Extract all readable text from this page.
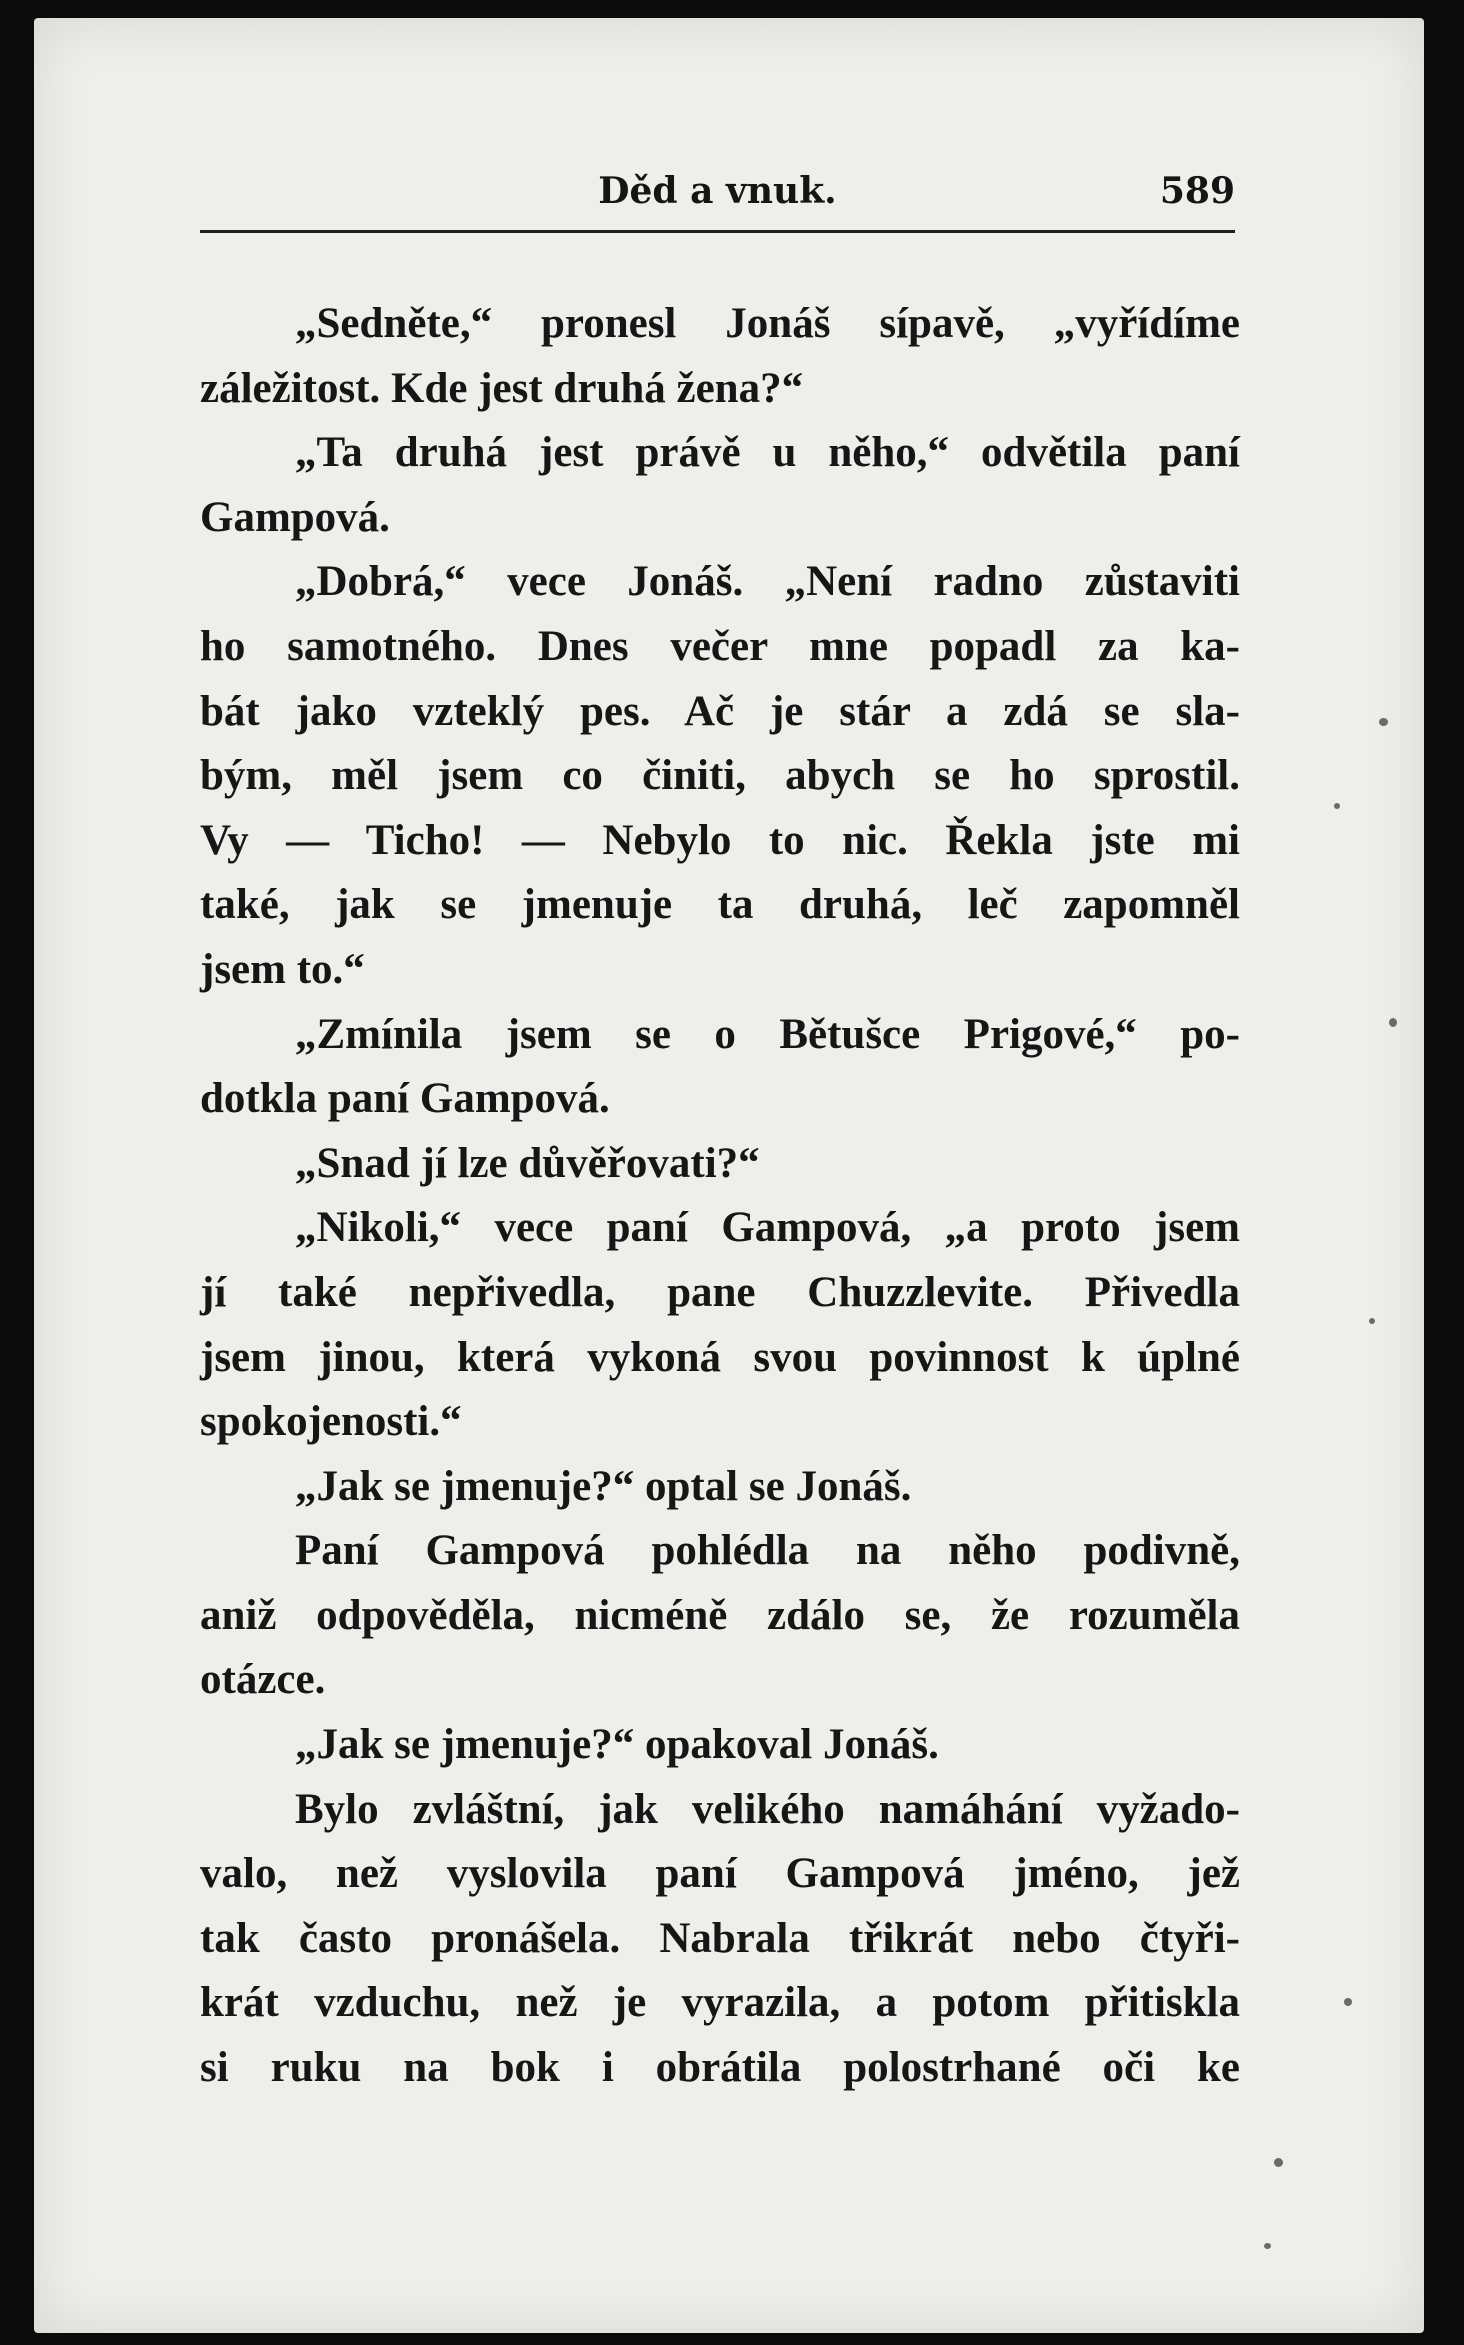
Děd a vnuk.	589
„Sedněte,“ pronesl Jonáš sípavě, „vyřídíme
záležitost. Kde jest druhá žena?“
„Ta druhá jest právě u něho,“ odvětila paní
Gampová.
„Dobrá,“ vece Jonáš. „Není radno zůstaviti
ho samotného. Dnes večer mne popadl za ka-
bát jako vzteklý pes. Ač je stár a zdá se sla-
bým, měl jsem co činiti, abych se ho sprostil.
Vy — Ticho! — Nebylo to nic. Řekla jste mi
také, jak se jmenuje ta druhá, leč zapomněl
jsem to.“
„Zmínila jsem se o Bětušce Prigové,“ po-
dotkla paní Gampová.
„Snad jí lze důvěřovati?“
„Nikoli,“ vece paní Gampová, „a proto jsem
jí také nepřivedla, pane Chuzzlevite. Přivedla
jsem jinou, která vykoná svou povinnost k úplné
spokojenosti.“
„Jak se jmenuje?“ optal se Jonáš.
Paní Gampová pohlédla na něho podivně,
aniž odpověděla, nicméně zdálo se, že rozuměla
otázce.
„Jak se jmenuje?“ opakoval Jonáš.
Bylo zvláštní, jak velikého namáhání vyžado-
valo, než vyslovila paní Gampová jméno, jež
tak často pronášela. Nabrala třikrát nebo čtyři-
krát vzduchu, než je vyrazila, a potom přitiskla
si ruku na bok i obrátila polostrhané oči ke
